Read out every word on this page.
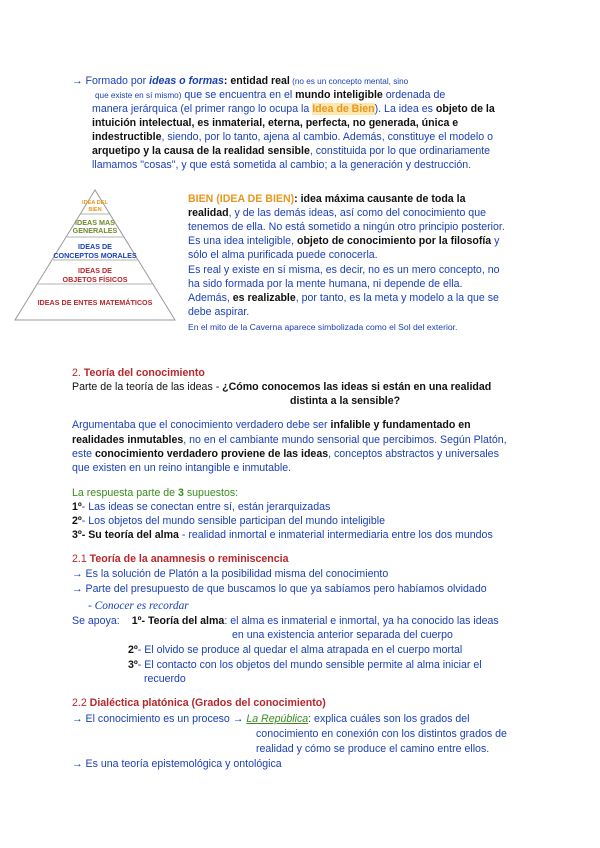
→ Formado por ideas o formas: entidad real (no es un concepto mental, sino
que existe en sí mismo) que se encuentra en el mundo inteligible ordenada de
manera jerárquica (el primer rango lo ocupa la Idea de Bien). La idea es objeto de la
intuición intelectual, es inmaterial, eterna, perfecta, no generada, única e
indestructible, siendo, por lo tanto, ajena al cambio. Además, constituye el modelo o
arquetipo y la causa de la realidad sensible, constituida por lo que ordinariamente
llamamos "cosas", y que está sometida al cambio; a la generación y destrucción.
IDEA DEL BIEN
IDEAS MAS GENERALES
IDEAS DE CONCEPTOS MORALES
IDEAS DE OBJETOS FÍSICOS
IDEAS DE ENTES MATEMÁTICOS
BIEN (IDEA DE BIEN): idea máxima causante de toda la
realidad, y de las demás ideas, así como del conocimiento que
tenemos de ella. No está sometido a ningún otro principio posterior.
Es una idea inteligible, objeto de conocimiento por la filosofía y
sólo el alma purificada puede conocerla.
Es real y existe en sí misma, es decir, no es un mero concepto, no
ha sido formada por la mente humana, ni depende de ella.
Además, es realizable, por tanto, es la meta y modelo a la que se
debe aspirar.
En el mito de la Caverna aparece simbolizada como el Sol del exterior.
2. Teoría del conocimiento
Parte de la teoría de las ideas - ¿Cómo conocemos las ideas si están en una realidad
distinta a la sensible?
Argumentaba que el conocimiento verdadero debe ser infalible y fundamentado en
realidades inmutables, no en el cambiante mundo sensorial que percibimos. Según Platón,
este conocimiento verdadero proviene de las ideas, conceptos abstractos y universales
que existen en un reino intangible e inmutable.
La respuesta parte de 3 supuestos:
1º- Las ideas se conectan entre sí, están jerarquizadas
2º- Los objetos del mundo sensible participan del mundo inteligible
3º- Su teoría del alma - realidad inmortal e inmaterial intermediaria entre los dos mundos
2.1 Teoría de la anamnesis o reminiscencia
→ Es la solución de Platón a la posibilidad misma del conocimiento
→ Parte del presupuesto de que buscamos lo que ya sabíamos pero habíamos olvidado
- Conocer es recordar
Se apoya: 1º- Teoría del alma: el alma es inmaterial e inmortal, ya ha conocido las ideas
en una existencia anterior separada del cuerpo
2º- El olvido se produce al quedar el alma atrapada en el cuerpo mortal
3º- El contacto con los objetos del mundo sensible permite al alma iniciar el
recuerdo
2.2 Dialéctica platónica (Grados del conocimiento)
→ El conocimiento es un proceso → La República: explica cuáles son los grados del
conocimiento en conexión con los distintos grados de
realidad y cómo se produce el camino entre ellos.
→ Es una teoría epistemológica y ontológica
